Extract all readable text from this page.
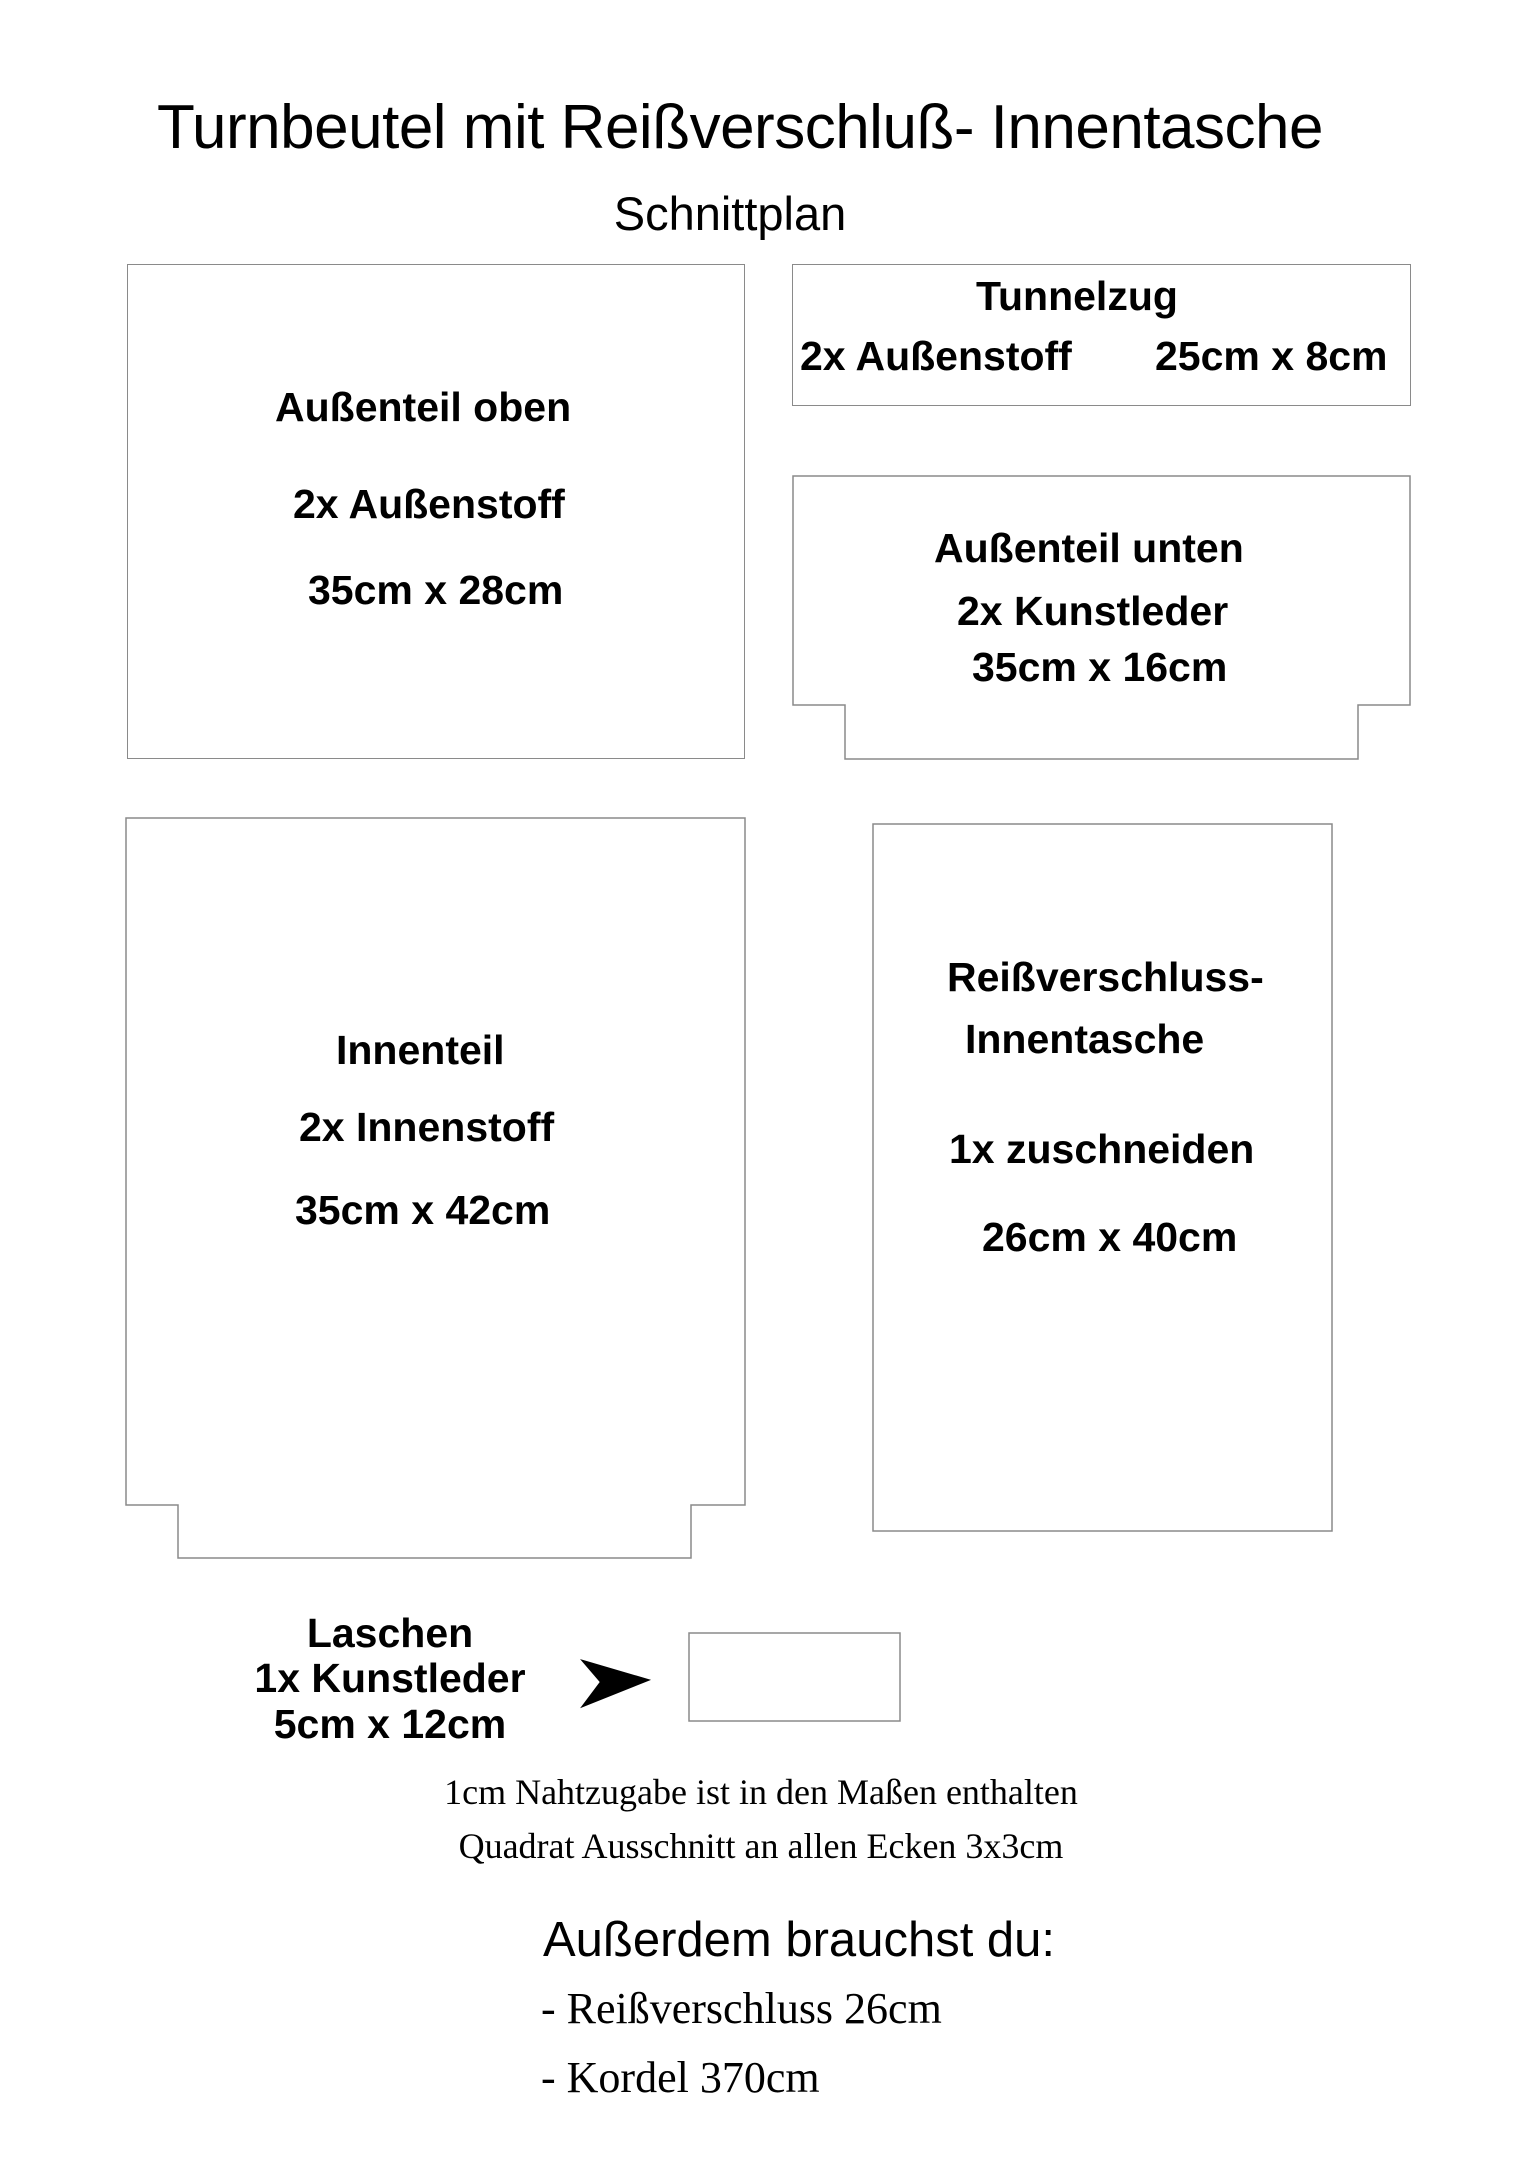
Turnbeutel mit Reißverschluß- Innentasche
Schnittplan
Außenteil oben
2x Außenstoff
35cm x 28cm
Tunnelzug
2x Außenstoff 25cm x 8cm
Außenteil unten
2x Kunstleder
35cm x 16cm
Innenteil
2x Innenstoff
35cm x 42cm
Reißverschluss-
Innentasche
1x zuschneiden
26cm x 40cm
Laschen
1x Kunstleder
5cm x 12cm
1cm Nahtzugabe ist in den Maßen enthalten
Quadrat Ausschnitt an allen Ecken 3x3cm
Außerdem brauchst du:
- Reißverschluss 26cm
- Kordel 370cm
